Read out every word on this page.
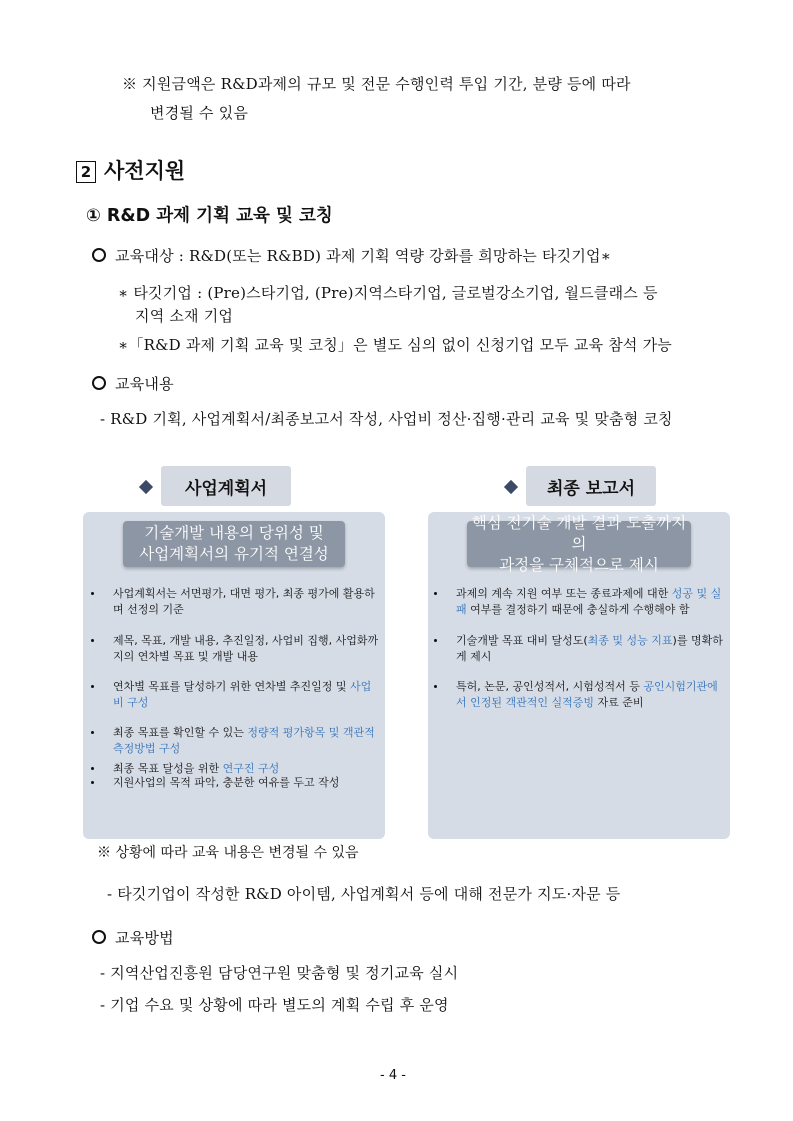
※ 지원금액은 R&D과제의 규모 및 전문 수행인력 투입 기간, 분량 등에 따라
변경될 수 있음
2 사전지원
① R&D 과제 기획 교육 및 코칭
교육대상 : R&D(또는 R&BD) 과제 기획 역량 강화를 희망하는 타깃기업∗
∗ 타깃기업 : (Pre)스타기업, (Pre)지역스타기업, 글로벌강소기업, 월드클래스 등
지역 소재 기업
∗「R&D 과제 기획 교육 및 코칭」은 별도 심의 없이 신청기업 모두 교육 참석 가능
교육내용
- R&D 기획, 사업계획서/최종보고서 작성, 사업비 정산·집행·관리 교육 및 맞춤형 코칭
사업계획서
기술개발 내용의 당위성 및
사업계획서의 유기적 연결성
사업계획서는 서면평가, 대면 평가, 최종 평가에 활용하며 선정의 기준
제목, 목표, 개발 내용, 추진일정, 사업비 집행, 사업화까지의 연차별 목표 및 개발 내용
연차별 목표를 달성하기 위한 연차별 추진일정 및 사업비 구성
최종 목표를 확인할 수 있는 정량적 평가항목 및 객관적 측정방법 구성
최종 목표 달성을 위한 연구진 구성
지원사업의 목적 파악, 충분한 여유를 두고 작성
최종 보고서
핵심 전기술 개발 결과 도출까지의
과정을 구체적으로 제시
과제의 계속 지원 여부 또는 종료과제에 대한 성공 및 실패 여부를 결정하기 때문에 충실하게 수행해야 함
기술개발 목표 대비 달성도(최종 및 성능 지표)를 명확하게 제시
특허, 논문, 공인성적서, 시험성적서 등 공인시험기관에서 인정된 객관적인 실적증빙 자료 준비
※ 상황에 따라 교육 내용은 변경될 수 있음
- 타깃기업이 작성한 R&D 아이템, 사업계획서 등에 대해 전문가 지도·자문 등
교육방법
- 지역산업진흥원 담당연구원 맞춤형 및 정기교육 실시
- 기업 수요 및 상황에 따라 별도의 계획 수립 후 운영
- 4 -
